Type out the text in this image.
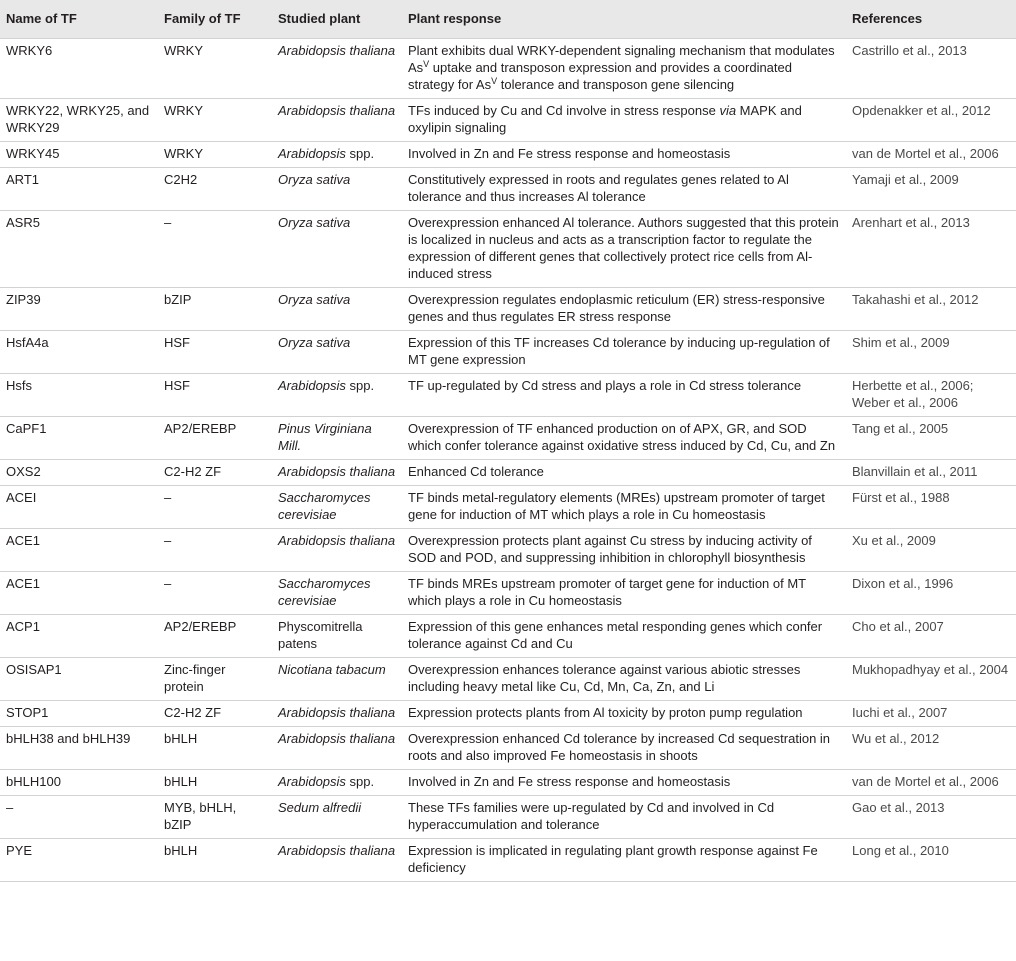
Name of TF	Family of TF	Studied plant	Plant response	References
WRKY6	WRKY	Arabidopsis thaliana	Plant exhibits dual WRKY-dependent signaling mechanism that modulates $As^V$ uptake and transposon expression and provides a coordinated strategy for $As^V$ tolerance and transposon gene silencing	Castrillo et al., 2013
WRKY22, WRKY25, and WRKY29	WRKY	Arabidopsis thaliana	TFs induced by Cu and Cd involve in stress response via MAPK and oxylipin signaling	Opdenakker et al., 2012
WRKY45	WRKY	Arabidopsis spp.	Involved in Zn and Fe stress response and homeostasis	van de Mortel et al., 2006
ART1	C2H2	Oryza sativa	Constitutively expressed in roots and regulates genes related to Al tolerance and thus increases Al tolerance	Yamaji et al., 2009
ASR5	–	Oryza sativa	Overexpression enhanced Al tolerance. Authors suggested that this protein is localized in nucleus and acts as a transcription factor to regulate the expression of different genes that collectively protect rice cells from Al-induced stress	Arenhart et al., 2013
ZIP39	bZIP	Oryza sativa	Overexpression regulates endoplasmic reticulum (ER) stress-responsive genes and thus regulates ER stress response	Takahashi et al., 2012
HsfA4a	HSF	Oryza sativa	Expression of this TF increases Cd tolerance by inducing up-regulation of MT gene expression	Shim et al., 2009
Hsfs	HSF	Arabidopsis spp.	TF up-regulated by Cd stress and plays a role in Cd stress tolerance	Herbette et al., 2006; Weber et al., 2006
CaPF1	AP2/EREBP	Pinus Virginiana Mill.	Overexpression of TF enhanced production on of APX, GR, and SOD which confer tolerance against oxidative stress induced by Cd, Cu, and Zn	Tang et al., 2005
OXS2	C2-H2 ZF	Arabidopsis thaliana	Enhanced Cd tolerance	Blanvillain et al., 2011
ACEI	–	Saccharomyces cerevisiae	TF binds metal-regulatory elements (MREs) upstream promoter of target gene for induction of MT which plays a role in Cu homeostasis	Fürst et al., 1988
ACE1	–	Arabidopsis thaliana	Overexpression protects plant against Cu stress by inducing activity of SOD and POD, and suppressing inhibition in chlorophyll biosynthesis	Xu et al., 2009
ACE1	–	Saccharomyces cerevisiae	TF binds MREs upstream promoter of target gene for induction of MT which plays a role in Cu homeostasis	Dixon et al., 1996
ACP1	AP2/EREBP	Physcomitrella patens	Expression of this gene enhances metal responding genes which confer tolerance against Cd and Cu	Cho et al., 2007
OSISAP1	Zinc-finger protein	Nicotiana tabacum	Overexpression enhances tolerance against various abiotic stresses including heavy metal like Cu, Cd, Mn, Ca, Zn, and Li	Mukhopadhyay et al., 2004
STOP1	C2-H2 ZF	Arabidopsis thaliana	Expression protects plants from Al toxicity by proton pump regulation	Iuchi et al., 2007
bHLH38 and bHLH39	bHLH	Arabidopsis thaliana	Overexpression enhanced Cd tolerance by increased Cd sequestration in roots and also improved Fe homeostasis in shoots	Wu et al., 2012
bHLH100	bHLH	Arabidopsis spp.	Involved in Zn and Fe stress response and homeostasis	van de Mortel et al., 2006
–	MYB, bHLH, bZIP	Sedum alfredii	These TFs families were up-regulated by Cd and involved in Cd hyperaccumulation and tolerance	Gao et al., 2013
PYE	bHLH	Arabidopsis thaliana	Expression is implicated in regulating plant growth response against Fe deficiency	Long et al., 2010
